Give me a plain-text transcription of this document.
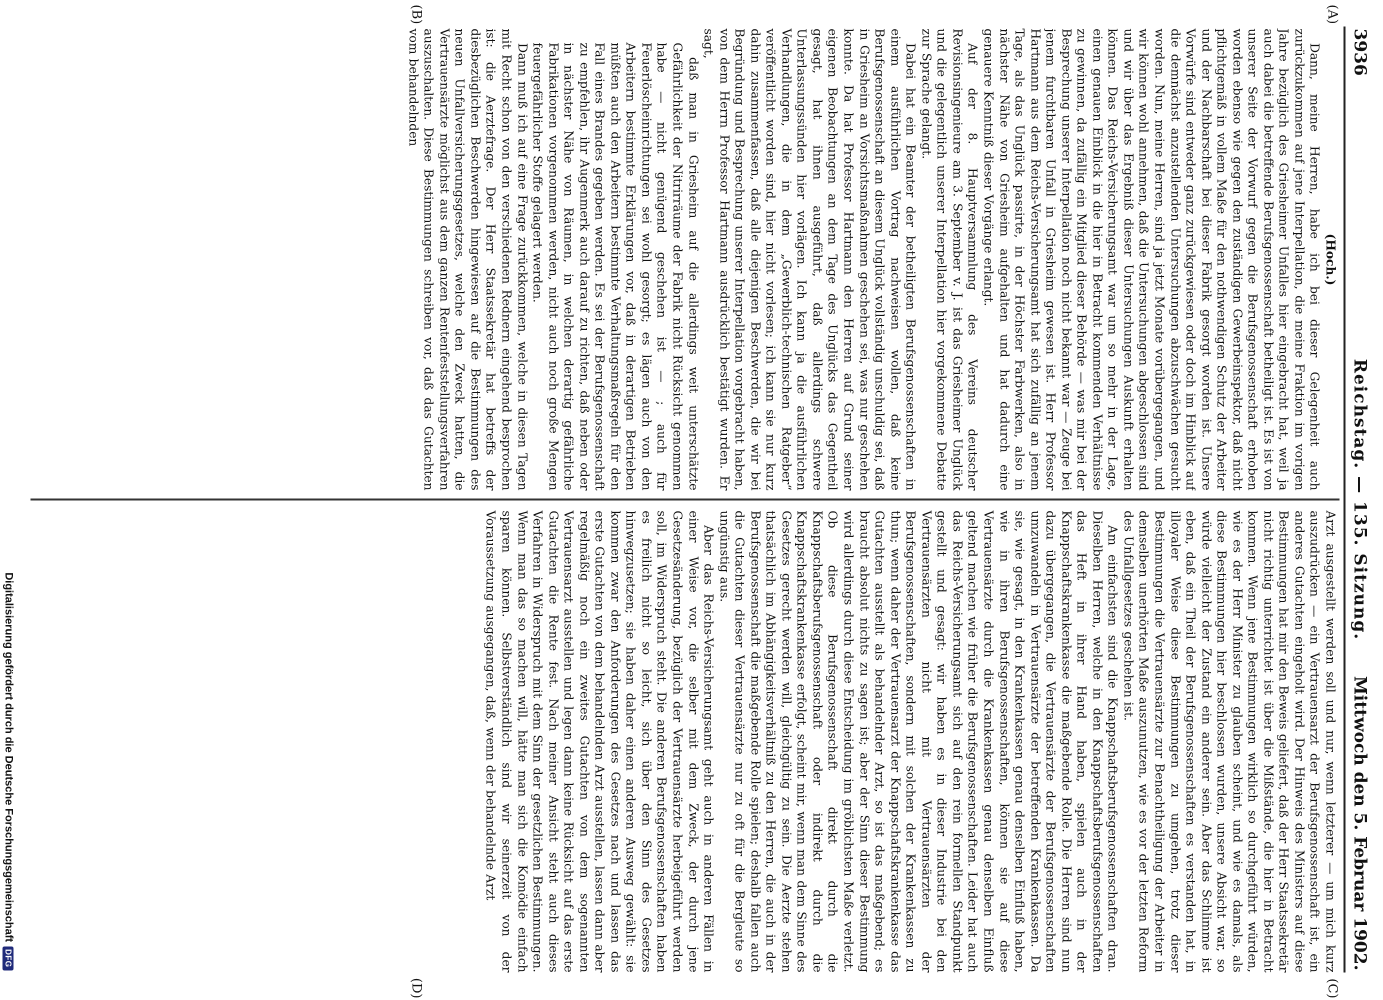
3936
Reichstag. — 135. Sitzung.
Mittwoch den 5. Februar 1902.
(A)
(B)
(C)
(D)

(Hoch.)

Dann, meine Herren, habe ich bei dieser Gelegenheit auch zurückzukommen auf jene Interpellation, die meine Fraktion im vorigen Jahre bezüglich des Griesheimer Unfalles hier eingebracht hat, weil ja auch dabei die betreffende Berufsgenossenschaft betheiligt ist. Es ist von unserer Seite der Vorwurf gegen die Berufsgenossenschaft erhoben worden ebenso wie gegen den zuständigen Gewerbeinspektor, daß nicht pflichtgemäß in vollem Maße für den nothwendigen Schutz der Arbeiter und der Nachbarschaft bei dieser Fabrik gesorgt worden ist. Unsere Vorwürfe sind entweder ganz zurückgewiesen oder doch im Hinblick auf die demnächst anzustellenden Untersuchungen abzuschwächen gesucht worden. Nun, meine Herren, sind ja jetzt Monate vorübergegangen, und wir können wohl annehmen, daß die Untersuchungen abgeschlossen sind und wir über das Ergebniß dieser Untersuchungen Auskunft erhalten können. Das Reichs-Versicherungsamt war um so mehr in der Lage, einen genauen Einblick in die hier in Betracht kommenden Verhältnisse zu gewinnen, da zufällig ein Mitglied dieser Behörde — was mir bei der Besprechung unserer Interpellation noch nicht bekannt war — Zeuge bei jenem furchtbaren Unfall in Griesheim gewesen ist. Herr Professor Hartmann aus dem Reichs-Versicherungsamt hat sich zufällig an jenem Tage, als das Unglück passirte, in der Höchster Farbwerken, also in nächster Nähe von Griesheim aufgehalten und hat dadurch eine genauere Kenntniß dieser Vorgänge erlangt.

Auf der 8. Hauptversammlung des Vereins deutscher Revisionsingenieure am 3. September v. J. ist das Griesheimer Unglück und die gelegentlich unserer Interpellation hier vorgekommene Debatte zur Sprache gelangt.

Dabei hat ein Beamter der betheiligten Berufsgenossenschaften in einem ausführlichen Vortrag nachweisen wollen, daß keine Berufsgenossenschaft an diesem Unglück vollständig unschuldig sei, daß in Griesheim an Vorsichtsmaßnahmen geschehen sei, was nur geschehen konnte. Da hat Professor Hartmann den Herren auf Grund seiner eigenen Beobachtungen an dem Tage des Unglücks das Gegentheil gesagt, hat ihnen ausgeführt, daß allerdings schwere Unterlassungssünden hier vorlägen. Ich kann ja die ausführlichen Verhandlungen, die in dem „Gewerblich-technischen Ratgeber“ veröffentlicht worden sind, hier nicht vorlesen; ich kann sie nur kurz dahin zusammenfassen, daß alle diejenigen Beschwerden, die wir bei Begründung und Besprechung unserer Interpellation vorgebracht haben, von dem Herrn Professor Hartmann ausdrücklich bestätigt wurden. Er sagt,

daß man in Griesheim auf die allerdings weit unterschätzte Gefährlichkeit der Nitrirräume der Fabrik nicht Rücksicht genommen habe — nicht genügend geschehen ist — ; auch für Feuerlöscheinrichtungen sei wohl gesorgt; es lägen auch von den Arbeitern bestimmte Erklärungen vor, daß in derartigen Betrieben müßten auch den Arbeitern bestimmte Verhaltungsmaßregeln für den Fall eines Brandes gegeben werden. Es sei der Berufsgenossenschaft zu empfehlen, ihr Augenmerk auch darauf zu richten, daß neben oder in nächster Nähe von Räumen, in welchen derartig gefährliche Fabrikationen vorgenommen werden, nicht auch noch große Mengen feuergefährlicher Stoffe gelagert werden.

Dann muß ich auf eine Frage zurückkommen, welche in diesen Tagen mit Recht schon von den verschiedenen Rednern eingehend besprochen ist: die Aerztefrage. Der Herr Staatssekretär hat betreffs der diesbezüglichen Beschwerden hingewiesen auf die Bestimmungen des neuen Unfallversicherungsgesetzes, welche den Zweck hatten, die Vertrauensärzte möglichst aus dem ganzen Rentenfeststellungsverfahren auszuschalten. Diese Bestimmungen schreiben vor, daß das Gutachten vom behandelnden

Arzt ausgestellt werden soll und nur, wenn letzterer — um mich kurz auszudrücken — ein Vertrauensarzt der Berufsgenossenschaft ist, ein anderes Gutachten eingeholt wird. Der Hinweis des Ministers auf diese Bestimmungen hat mir den Beweis geliefert, daß der Herr Staatssekretär nicht richtig unterrichtet ist über die Mißstände, die hier in Betracht kommen. Wenn jene Bestimmungen wirklich so durchgeführt würden, wie es der Herr Minister zu glauben scheint, und wie es damals, als diese Bestimmungen hier beschlossen wurden, unsere Absicht war, so würde vielleicht der Zustand ein anderer sein. Aber das Schlimme ist eben, daß ein Theil der Berufsgenossenschaften es verstanden hat, in illoyaler Weise diese Bestimmungen zu umgehen, trotz dieser Bestimmungen die Vertrauensärzte zur Benachtheiligung der Arbeiter in demselben unerhörten Maße auszunutzen, wie es vor der letzten Reform des Unfallgesetzes geschehen ist.

Am einfachsten sind die Knappschaftsberufsgenossenschaften dran. Dieselben Herren, welche in den Knappschaftsberufsgenossenschaften das Heft in ihrer Hand haben, spielen auch in der Knappschaftskrankenkasse die maßgebende Rolle. Die Herren sind nun dazu übergegangen, die Vertrauensärzte der Berufsgenossenschaften umzuwandeln in Vertrauensärzte der betreffenden Krankenkassen. Da sie, wie gesagt, in den Krankenkassen genau denselben Einfluß haben, wie in ihren Berufsgenossenschaften, können sie auf diese Vertrauensärzte durch die Krankenkassen genau denselben Einfluß geltend machen wie früher die Berufsgenossenschaften. Leider hat auch das Reichs-Versicherungsamt sich auf den rein formellen Standpunkt gestellt und gesagt: wir haben es in dieser Industrie bei den Vertrauensärzten nicht mit Vertrauensärzten der Berufsgenossenschaften, sondern mit solchen der Krankenkassen zu thun; wenn daher der Vertrauensarzt der Knappschaftskrankenkasse das Gutachten ausstellt als behandelnder Arzt, so ist das maßgebend; es braucht absolut nichts zu sagen ist; aber der Sinn dieser Bestimmung wird allerdings durch diese Entscheidung im gröblichsten Maße verletzt. Ob diese Berufsgenossenschaft direkt durch die Knappschaftsberufsgenossenschaft oder indirekt durch die Knappschaftskrankenkasse erfolgt, scheint mir, wenn man dem Sinne des Gesetzes gerecht werden will, gleichgültig zu sein. Die Aerzte stehen thatsächlich im Abhängigkeitsverhältniß zu den Herren, die auch in der Berufsgenossenschaft die maßgebende Rolle spielen; deshalb fallen auch die Gutachten dieser Vertrauensärzte nur zu oft für die Bergleute so ungünstig aus.

Aber das Reichs-Versicherungsamt geht auch in anderen Fällen in einer Weise vor, die selber mit dem Zweck, der durch jene Gesetzesänderung, bezüglich der Vertrauensärzte herbeigeführt werden soll, im Widerspruch steht. Die anderen Berufsgenossenschaften haben es freilich nicht so leicht, sich über den Sinn des Gesetzes hinwegzusetzen; sie haben daher einen anderen Ausweg gewählt: sie kommen zwar den Anforderungen des Gesetzes nach und lassen das erste Gutachten von dem behandelnden Arzt ausstellen, lassen dann aber regelmäßig noch ein zweites Gutachten von dem sogenannten Vertrauensarzt ausstellen und legen dann keine Rücksicht auf das erste Gutachten die Rente fest. Nach meiner Ansicht steht auch dieses Verfahren in Widerspruch mit dem Sinn der gesetzlichen Bestimmungen. Wenn man das so machen will, hätte man sich die Komödie einfach sparen können. Selbstverständlich sind wir seinerzeit von der Voraussetzung ausgegangen, daß, wenn der behandelnde Arzt

Digitalisierung gefördert durch die Deutsche Forschungsgemeinschaft
DFG
